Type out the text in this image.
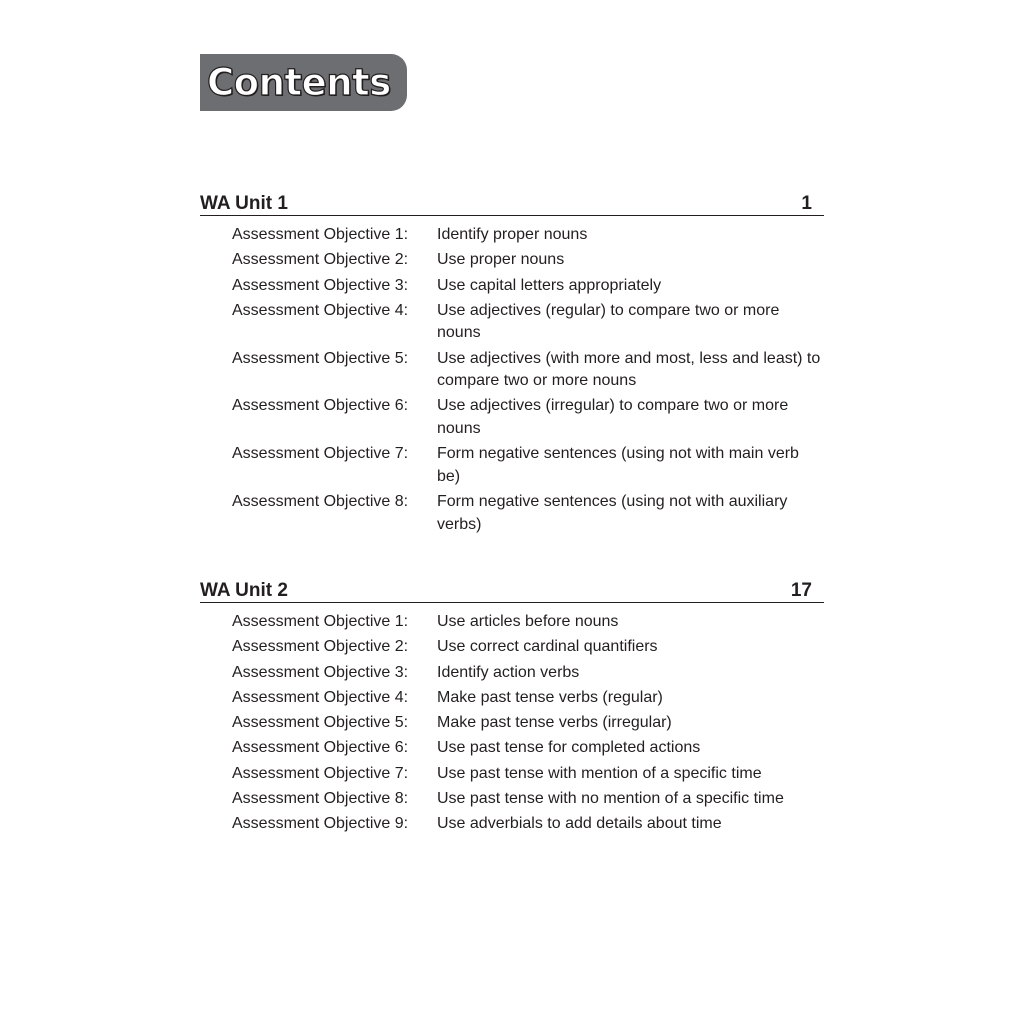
Contents
WA Unit 1	1
Assessment Objective 1:	Identify proper nouns
Assessment Objective 2:	Use proper nouns
Assessment Objective 3:	Use capital letters appropriately
Assessment Objective 4:	Use adjectives (regular) to compare two or more nouns
Assessment Objective 5:	Use adjectives (with more and most, less and least) to compare two or more nouns
Assessment Objective 6:	Use adjectives (irregular) to compare two or more nouns
Assessment Objective 7:	Form negative sentences (using not with main verb be)
Assessment Objective 8:	Form negative sentences (using not with auxiliary verbs)
WA Unit 2	17
Assessment Objective 1:	Use articles before nouns
Assessment Objective 2:	Use correct cardinal quantifiers
Assessment Objective 3:	Identify action verbs
Assessment Objective 4:	Make past tense verbs (regular)
Assessment Objective 5:	Make past tense verbs (irregular)
Assessment Objective 6:	Use past tense for completed actions
Assessment Objective 7:	Use past tense with mention of a specific time
Assessment Objective 8:	Use past tense with no mention of a specific time
Assessment Objective 9:	Use adverbials to add details about time
